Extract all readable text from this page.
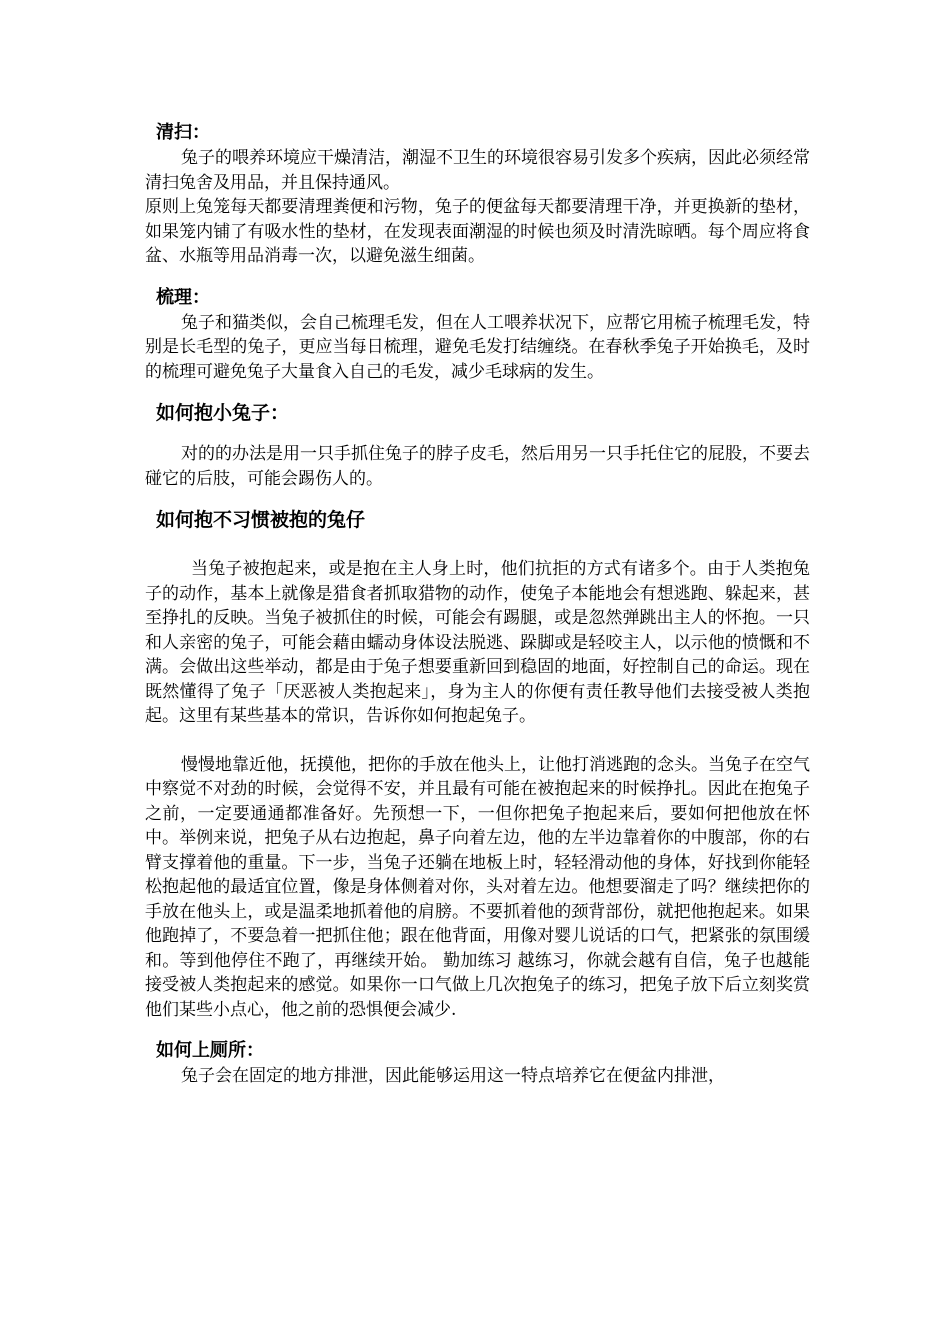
清扫：

兔子的喂养环境应干燥清洁，潮湿不卫生的环境很容易引发多个疾病，因此必须经常清扫兔舍及用品，并且保持通风。

原则上兔笼每天都要清理粪便和污物，兔子的便盆每天都要清理干净，并更换新的垫材，如果笼内铺了有吸水性的垫材，在发现表面潮湿的时候也须及时清洗晾晒。每个周应将食盆、水瓶等用品消毒一次，以避免滋生细菌。

梳理：

兔子和猫类似，会自己梳理毛发，但在人工喂养状况下，应帮它用梳子梳理毛发，特别是长毛型的兔子，更应当每日梳理，避免毛发打结缠绕。在春秋季兔子开始换毛，及时的梳理可避免兔子大量食入自己的毛发，减少毛球病的发生。

如何抱小兔子：

对的的办法是用一只手抓住兔子的脖子皮毛，然后用另一只手托住它的屁股，不要去碰它的后肢，可能会踢伤人的。

如何抱不习惯被抱的兔仔

当兔子被抱起来，或是抱在主人身上时，他们抗拒的方式有诸多个。由于人类抱兔子的动作，基本上就像是猎食者抓取猎物的动作，使兔子本能地会有想逃跑、躲起来，甚至挣扎的反映。当兔子被抓住的时候，可能会有踢腿，或是忽然弹跳出主人的怀抱。一只和人亲密的兔子，可能会藉由蠕动身体设法脱逃、跺脚或是轻咬主人，以示他的愤慨和不满。会做出这些举动，都是由于兔子想要重新回到稳固的地面，好控制自己的命运。现在既然懂得了兔子「厌恶被人类抱起来」，身为主人的你便有责任教导他们去接受被人类抱起。这里有某些基本的常识，告诉你如何抱起兔子。

慢慢地靠近他，抚摸他，把你的手放在他头上，让他打消逃跑的念头。当兔子在空气中察觉不对劲的时候，会觉得不安，并且最有可能在被抱起来的时候挣扎。因此在抱兔子之前，一定要通通都准备好。先预想一下，一但你把兔子抱起来后，要如何把他放在怀中。举例来说，把兔子从右边抱起，鼻子向着左边，他的左半边靠着你的中腹部，你的右臂支撑着他的重量。下一步，当兔子还躺在地板上时，轻轻滑动他的身体，好找到你能轻松抱起他的最适宜位置，像是身体侧着对你，头对着左边。他想要溜走了吗？继续把你的手放在他头上，或是温柔地抓着他的肩膀。不要抓着他的颈背部份，就把他抱起来。如果他跑掉了，不要急着一把抓住他；跟在他背面，用像对婴儿说话的口气，把紧张的氛围缓和。等到他停住不跑了，再继续开始。 勤加练习 越练习，你就会越有自信，兔子也越能接受被人类抱起来的感觉。如果你一口气做上几次抱兔子的练习，把兔子放下后立刻奖赏他们某些小点心，他之前的恐惧便会减少.

如何上厕所：

兔子会在固定的地方排泄，因此能够运用这一特点培养它在便盆内排泄，
